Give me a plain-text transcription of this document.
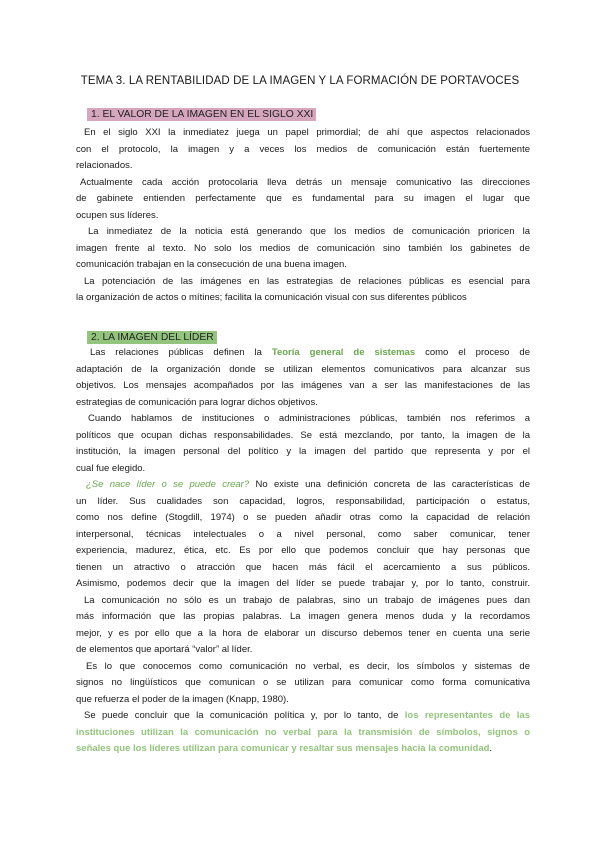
TEMA 3. LA RENTABILIDAD DE LA IMAGEN Y LA FORMACIÓN DE PORTAVOCES
1. EL VALOR DE LA IMAGEN EN EL SIGLO XXI

En el siglo XXI la inmediatez juega un papel primordial; de ahí que aspectos relacionados

con el protocolo, la imagen y a veces los medios de comunicación están fuertemente

relacionados.

Actualmente cada acción protocolaria lleva detrás un mensaje comunicativo las direcciones

de gabinete entienden perfectamente que es fundamental para su imagen el lugar que

ocupen sus líderes.

La inmediatez de la noticia está generando que los medios de comunicación prioricen la

imagen frente al texto. No solo los medios de comunicación sino también los gabinetes de

comunicación trabajan en la consecución de una buena imagen.

La potenciación de las imágenes en las estrategias de relaciones públicas es esencial para

la organización de actos o mítines; facilita la comunicación visual con sus diferentes públicos

2. LA IMAGEN DEL LÍDER

Las relaciones públicas definen la Teoría general de sistemas como el proceso de

adaptación de la organización donde se utilizan elementos comunicativos para alcanzar sus

objetivos. Los mensajes acompañados por las imágenes van a ser las manifestaciones de las

estrategias de comunicación para lograr dichos objetivos.

Cuando hablamos de instituciones o administraciones públicas, también nos referimos a

políticos que ocupan dichas responsabilidades. Se está mezclando, por tanto, la imagen de la

institución, la imagen personal del político y la imagen del partido que representa y por el

cual fue elegido.

¿Se nace líder o se puede crear? No existe una definición concreta de las características de

un líder. Sus cualidades son capacidad, logros, responsabilidad, participación o estatus,

como nos define (Stogdill, 1974) o se pueden añadir otras como la capacidad de relación

interpersonal, técnicas intelectuales o a nivel personal, como saber comunicar, tener

experiencia, madurez, ética, etc. Es por ello que podemos concluir que hay personas que

tienen un atractivo o atracción que hacen más fácil el acercamiento a sus públicos.

Asimismo, podemos decir que la imagen del líder se puede trabajar y, por lo tanto, construir.

La comunicación no sólo es un trabajo de palabras, sino un trabajo de imágenes pues dan

más información que las propias palabras. La imagen genera menos duda y la recordamos

mejor, y es por ello que a la hora de elaborar un discurso debemos tener en cuenta una serie

de elementos que aportará “valor” al líder.

Es lo que conocemos como comunicación no verbal, es decir, los símbolos y sistemas de

signos no lingüísticos que comunican o se utilizan para comunicar como forma comunicativa

que refuerza el poder de la imagen (Knapp, 1980).

Se puede concluir que la comunicación política y, por lo tanto, de los representantes de las

instituciones utilizan la comunicación no verbal para la transmisión de símbolos, signos o

señales que los líderes utilizan para comunicar y resaltar sus mensajes hacia la comunidad.
